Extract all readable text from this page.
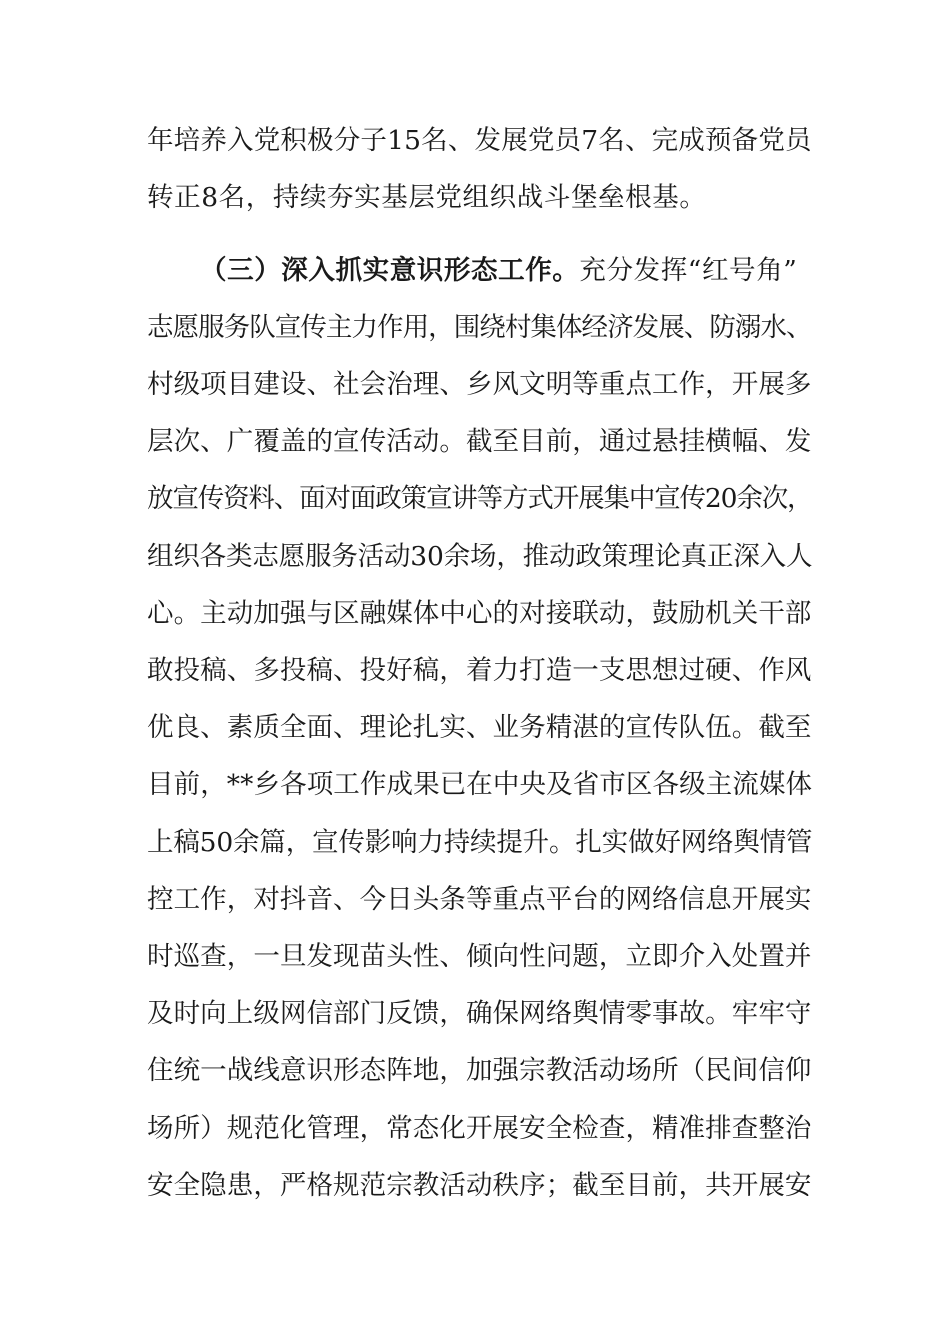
年培养入党积极分子15名、发展党员7名、完成预备党员
转正8名，持续夯实基层党组织战斗堡垒根基。
（三）深入抓实意识形态工作。充分发挥“红号角”
志愿服务队宣传主力作用，围绕村集体经济发展、防溺水、
村级项目建设、社会治理、乡风文明等重点工作，开展多
层次、广覆盖的宣传活动。截至目前，通过悬挂横幅、发
放宣传资料、面对面政策宣讲等方式开展集中宣传20余次，
组织各类志愿服务活动30余场，推动政策理论真正深入人
心。主动加强与区融媒体中心的对接联动，鼓励机关干部
敢投稿、多投稿、投好稿，着力打造一支思想过硬、作风
优良、素质全面、理论扎实、业务精湛的宣传队伍。截至
目前，**乡各项工作成果已在中央及省市区各级主流媒体
上稿50余篇，宣传影响力持续提升。扎实做好网络舆情管
控工作，对抖音、今日头条等重点平台的网络信息开展实
时巡查，一旦发现苗头性、倾向性问题，立即介入处置并
及时向上级网信部门反馈，确保网络舆情零事故。牢牢守
住统一战线意识形态阵地，加强宗教活动场所（民间信仰
场所）规范化管理，常态化开展安全检查，精准排查整治
安全隐患，严格规范宗教活动秩序；截至目前，共开展安
